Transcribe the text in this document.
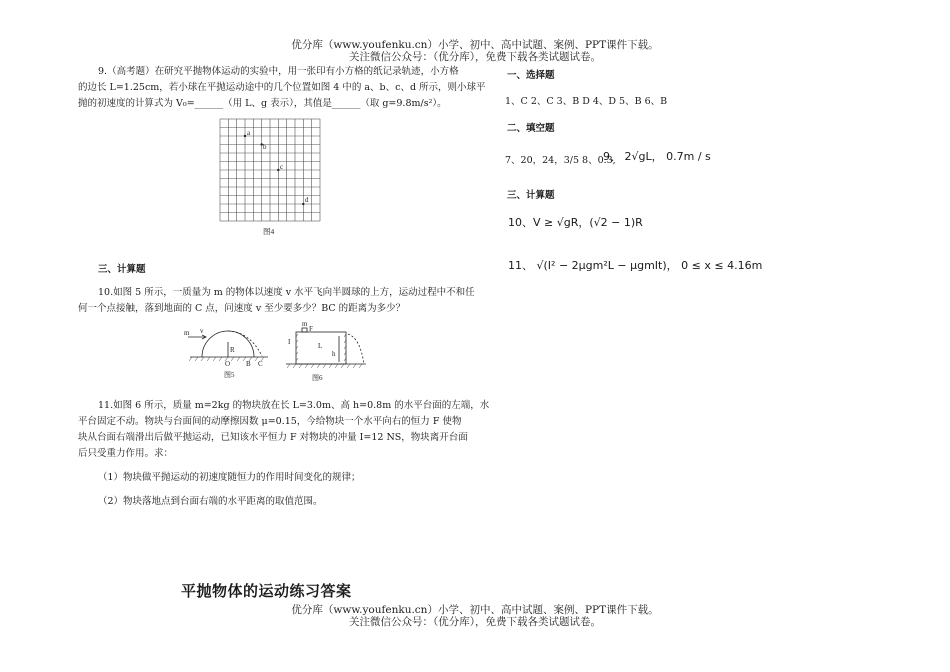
优分库（www.youfenku.cn）小学、初中、高中试题、案例、PPT课件下载。
关注微信公众号：（优分库），免费下载各类试题试卷。
9.（高考题）在研究平抛物体运动的实验中，用一张印有小方格的纸记录轨迹，小方格
的边长 L=1.25cm，若小球在平抛运动途中的几个位置如图 4 中的 a、b、c、d 所示，则小球平
抛的初速度的计算式为 V₀=______（用 L、g 表示），其值是______（取 g=9.8m/s²）。
a
b
c
d
图4
三、计算题
10.如图 5 所示，一质量为 m 的物体以速度 v 水平飞向半圆球的上方，运动过程中不和任
何一个点接触，落到地面的 C 点，问速度 v 至少要多少？BC 的距离为多少？
m v
R
O B C
图5
m
F
I	L
h
图6
11.如图 6 所示，质量 m=2kg 的物块放在长 L=3.0m、高 h=0.8m 的水平台面的左端，水
平台固定不动。物块与台面间的动摩擦因数 μ=0.15，今给物块一个水平向右的恒力 F 使物
块从台面右端滑出后做平抛运动，已知该水平恒力 F 对物块的冲量 I=12 NS，物块离开台面
后只受重力作用。求：
（1）物块做平抛运动的初速度随恒力的作用时间变化的规律；
（2）物块落地点到台面右端的水平距离的取值范围。
平抛物体的运动练习答案
一、选择题
1、C 2、C 3、B D 4、D 5、B 6、B
二、填空题
7、20，24，3/5 8、0.3,
9、 2√gL， 0.7m / s
三、计算题
10、V ≥ √gR，(√2 − 1)R
11、 √(I² − 2μgm²L − μgmIt)， 0 ≤ x ≤ 4.16m
优分库（www.youfenku.cn）小学、初中、高中试题、案例、PPT课件下载。
关注微信公众号：（优分库），免费下载各类试题试卷。
